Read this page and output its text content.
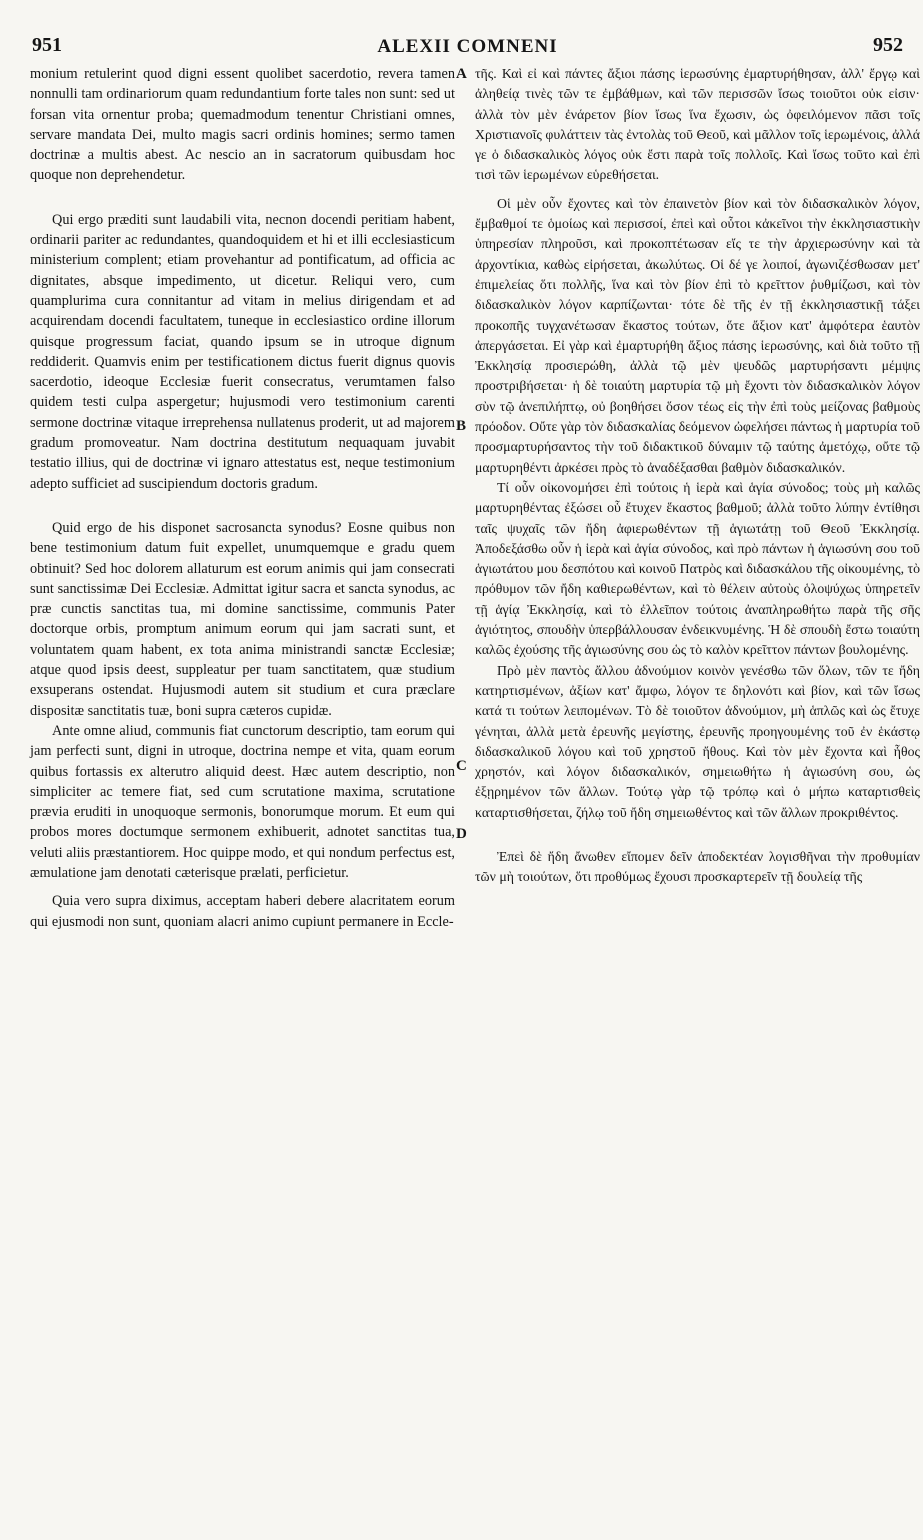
951	ALEXII COMNENI	952

monium retulerint quod digni essent quolibet sacerdotio, revera tamen nonnulli tam ordinariorum quam redundantium forte tales non sunt: sed ut forsan vita ornentur proba; quemadmodum tenentur Christiani omnes, servare mandata Dei, multo magis sacri ordinis homines; sermo tamen doctrinæ a multis abest. Ac nescio an in sacratorum quibusdam hoc quoque non deprehendetur.

Qui ergo præditi sunt laudabili vita, necnon docendi peritiam habent, ordinarii pariter ac redundantes, quandoquidem et hi et illi ecclesiasticum ministerium complent; etiam provehantur ad pontificatum, ad officia ac dignitates, absque impedimento, ut dicetur. Reliqui vero, cum quamplurima cura connitantur ad vitam in melius dirigendam et ad acquirendam docendi facultatem, tuneque in ecclesiastico ordine illorum quisque progressum faciat, quando ipsum se in utroque dignum reddiderit. Quamvis enim per testificationem dictus fuerit dignus quovis sacerdotio, ideoque Ecclesiæ fuerit consecratus, verumtamen falso quidem testi culpa aspergetur; hujusmodi vero testimonium carenti sermone doctrinæ vitaque irreprehensa nullatenus proderit, ut ad majorem gradum promoveatur. Nam doctrina destitutum nequaquam juvabit testatio illius, qui de doctrinæ vi ignaro attestatus est, neque testimonium adepto sufficiet ad suscipiendum doctoris gradum.

Quid ergo de his disponet sacrosancta synodus? Eosne quibus non bene testimonium datum fuit expellet, unumquemque e gradu quem obtinuit? Sed hoc dolorem allaturum est eorum animis qui jam consecrati sunt sanctissimæ Dei Ecclesiæ. Admittat igitur sacra et sancta synodus, ac præ cunctis sanctitas tua, mi domine sanctissime, communis Pater doctorque orbis, promptum animum eorum qui jam sacrati sunt, et voluntatem quam habent, ex tota anima ministrandi sanctæ Ecclesiæ; atque quod ipsis deest, suppleatur per tuam sanctitatem, quæ studium exsuperans ostendat. Hujusmodi autem sit studium et cura præclare dispositæ sanctitatis tuæ, boni supra cæteros cupidæ.

Ante omne aliud, communis fiat cunctorum descriptio, tam eorum qui jam perfecti sunt, digni in utroque, doctrina nempe et vita, quam eorum quibus fortassis ex alterutro aliquid deest. Hæc autem descriptio, non simpliciter ac temere fiat, sed cum scrutatione maxima, scrutatione prævia eruditi in unoquoque sermonis, bonorumque morum. Et eum qui probos mores doctumque sermonem exhibuerit, adnotet sanctitas tua, veluti aliis præstantiorem. Hoc quippe modo, et qui nondum perfectus est, æmulatione jam denotati cæterisque prælati, perficietur.

Quia vero supra diximus, acceptam haberi debere alacritatem eorum qui ejusmodi non sunt, quoniam alacri animo cupiunt permanere in Eccle-

A
B
C
D

τῆς. Καὶ εἰ καὶ πάντες ἄξιοι πάσης ἱερωσύνης ἐμαρτυρήθησαν, ἀλλ' ἔργῳ καὶ ἀληθείᾳ τινὲς τῶν τε ἐμβάθμων, καὶ τῶν περισσῶν ἴσως τοιοῦτοι οὐκ εἰσιν· ἀλλὰ τὸν μὲν ἐνάρετον βίον ἴσως ἵνα ἔχωσιν, ὡς ὀφειλόμενον πᾶσι τοῖς Χριστιανοῖς φυλάττειν τὰς ἐντολὰς τοῦ Θεοῦ, καὶ μᾶλλον τοῖς ἱερωμένοις, ἀλλά γε ὁ διδασκαλικὸς λόγος οὐκ ἔστι παρὰ τοῖς πολλοῖς. Καὶ ἴσως τοῦτο καὶ ἐπὶ τισὶ τῶν ἱερωμένων εὑρεθήσεται.

Οἱ μὲν οὖν ἔχοντες καὶ τὸν ἐπαινετὸν βίον καὶ τὸν διδασκαλικὸν λόγον, ἔμβαθμοί τε ὁμοίως καὶ περισσοί, ἐπεὶ καὶ οὗτοι κἀκεῖνοι τὴν ἐκκλησιαστικὴν ὑπηρεσίαν πληροῦσι, καὶ προκοπτέτωσαν εἴς τε τὴν ἀρχιερωσύνην καὶ τὰ ἀρχοντίκια, καθὼς εἰρήσεται, ἀκωλύτως. Οἱ δέ γε λοιποί, ἀγωνιζέσθωσαν μετ' ἐπιμελείας ὅτι πολλῆς, ἵνα καὶ τὸν βίον ἐπὶ τὸ κρεῖττον ῥυθμίζωσι, καὶ τὸν διδασκαλικὸν λόγον καρπίζωνται· τότε δὲ τῆς ἐν τῇ ἐκκλησιαστικῇ τάξει προκοπῆς τυγχανέτωσαν ἕκαστος τούτων, ὅτε ἄξιον κατ' ἀμφότερα ἑαυτὸν ἀπεργάσεται. Εἰ γὰρ καὶ ἐμαρτυρήθη ἄξιος πάσης ἱερωσύνης, καὶ διὰ τοῦτο τῇ Ἐκκλησίᾳ προσιερώθη, ἀλλὰ τῷ μὲν ψευδῶς μαρτυρήσαντι μέμψις προστριβήσεται· ἡ δὲ τοιαύτη μαρτυρία τῷ μὴ ἔχοντι τὸν διδασκαλικὸν λόγον σὺν τῷ ἀνεπιλήπτῳ, οὐ βοηθήσει ὅσον τέως εἰς τὴν ἐπὶ τοὺς μείζονας βαθμοὺς πρόοδον. Οὔτε γὰρ τὸν διδασκαλίας δεόμενον ὠφελήσει πάντως ἡ μαρτυρία τοῦ προσμαρτυρήσαντος τὴν τοῦ διδακτικοῦ δύναμιν τῷ ταύτης ἀμετόχῳ, οὔτε τῷ μαρτυρηθέντι ἀρκέσει πρὸς τὸ ἀναδέξασθαι βαθμὸν διδασκαλικόν.

Τί οὖν οἰκονομήσει ἐπὶ τούτοις ἡ ἱερὰ καὶ ἁγία σύνοδος; τοὺς μὴ καλῶς μαρτυρηθέντας ἐξώσει οὗ ἔτυχεν ἕκαστος βαθμοῦ; ἀλλὰ τοῦτο λύπην ἐντίθησι ταῖς ψυχαῖς τῶν ἤδη ἀφιερωθέντων τῇ ἁγιωτάτῃ τοῦ Θεοῦ Ἐκκλησίᾳ. Ἀποδεξάσθω οὖν ἡ ἱερὰ καὶ ἁγία σύνοδος, καὶ πρὸ πάντων ἡ ἁγιωσύνη σου τοῦ ἁγιωτάτου μου δεσπότου καὶ κοινοῦ Πατρὸς καὶ διδασκάλου τῆς οἰκουμένης, τὸ πρόθυμον τῶν ἤδη καθιερωθέντων, καὶ τὸ θέλειν αὐτοὺς ὁλοψύχως ὑπηρετεῖν τῇ ἁγίᾳ Ἐκκλησίᾳ, καὶ τὸ ἐλλεῖπον τούτοις ἀναπληρωθήτω παρὰ τῆς σῆς ἁγιότητος, σπουδὴν ὑπερβάλλουσαν ἐνδεικνυμένης. Ἡ δὲ σπουδὴ ἔστω τοιαύτη καλῶς ἐχούσης τῆς ἁγιωσύνης σου ὡς τὸ καλὸν κρεῖττον πάντων βουλομένης.

Πρὸ μὲν παντὸς ἄλλου ἀδνούμιον κοινὸν γενέσθω τῶν ὅλων, τῶν τε ἤδη κατηρτισμένων, ἀξίων κατ' ἄμφω, λόγον τε δηλονότι καὶ βίον, καὶ τῶν ἴσως κατά τι τούτων λειπομένων. Τὸ δὲ τοιοῦτον ἀδνούμιον, μὴ ἁπλῶς καὶ ὡς ἔτυχε γένηται, ἀλλὰ μετὰ ἐρευνῆς μεγίστης, ἐρευνῆς προηγουμένης τοῦ ἐν ἑκάστῳ διδασκαλικοῦ λόγου καὶ τοῦ χρηστοῦ ἤθους. Καὶ τὸν μὲν ἔχοντα καὶ ἦθος χρηστόν, καὶ λόγον διδασκαλικόν, σημειωθήτω ἡ ἁγιωσύνη σου, ὡς ἐξῃρημένον τῶν ἄλλων. Τούτῳ γὰρ τῷ τρόπῳ καὶ ὁ μήπω καταρτισθεὶς καταρτισθήσεται, ζήλῳ τοῦ ἤδη σημειωθέντος καὶ τῶν ἄλλων προκριθέντος.

Ἐπεὶ δὲ ἤδη ἄνωθεν εἴπομεν δεῖν ἀποδεκτέαν λογισθῆναι τὴν προθυμίαν τῶν μὴ τοιούτων, ὅτι προθύμως ἔχουσι προσκαρτερεῖν τῇ δουλείᾳ τῆς
